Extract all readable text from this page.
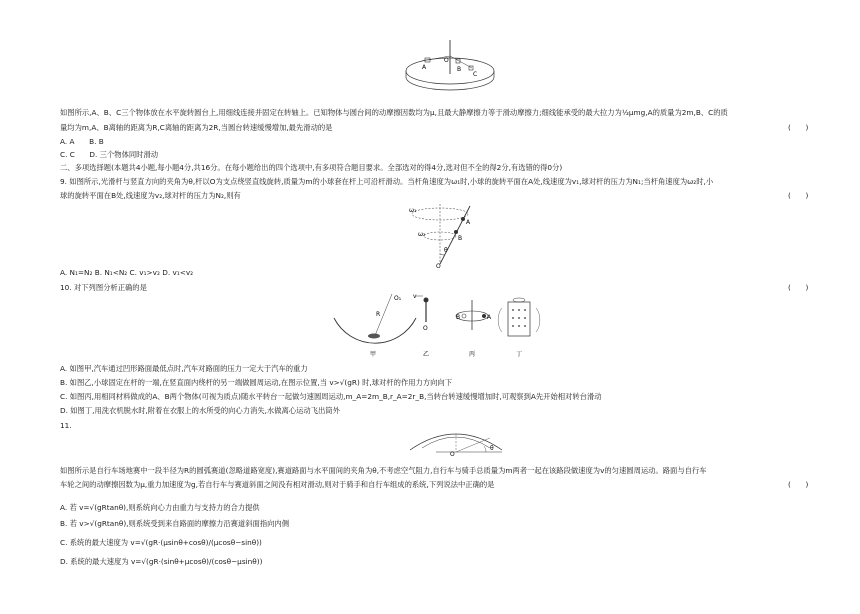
A
O
B
C
如图所示,A、B、C三个物体放在水平旋转圆台上,用细线连接并固定在转轴上。已知物体与圆台间的动摩擦因数均为μ,且最大静摩擦力等于滑动摩擦力;细线能承受的最大拉力为½μmg,A的质量为2m,B、C的质
量均为m,A、B离轴的距离为R,C离轴的距离为2R,当圆台转速缓慢增加,最先滑动的是	(　　)
A. A　　B. B
C. C　　D. 三个物体同时滑动
二、多项选择题(本题共4小题,每小题4分,共16分。在每小题给出的四个选项中,有多项符合题目要求。全部选对的得4分,选对但不全的得2分,有选错的得0分)
9. 如图所示,光滑杆与竖直方向的夹角为θ,杆以O为支点绕竖直线旋转,质量为m的小球套在杆上可沿杆滑动。当杆角速度为ω₁时,小球的旋转平面在A处,线速度为v₁,球对杆的压力为N₁;当杆角速度为ω₂时,小
球的旋转平面在B处,线速度为v₂,球对杆的压力为N₂,则有	(　　)
ω₁
ω₂
A
B
θ
O
A. N₁=N₂ B. N₁<N₂ C. v₁>v₂ D. v₁<v₂
10. 对下列图分析正确的是	(　　)
R
O₁
甲
v
O
乙
B	A
丙	丁
A. 如图甲,汽车通过凹形路面最低点时,汽车对路面的压力一定大于汽车的重力
B. 如图乙,小球固定在杆的一端,在竖直面内绕杆的另一端做圆周运动,在图示位置,当 v>√(gR) 时,球对杆的作用力方向向下
C. 如图丙,用相同材料做成的A、B两个物体(可视为质点)随水平转台一起做匀速圆周运动,m_A=2m_B,r_A=2r_B,当转台转速缓慢增加时,可观察到A先开始相对转台滑动
D. 如图丁,用洗衣机脱水时,附着在衣服上的水所受的向心力消失,水做离心运动飞出筒外
11.
O
θ
如图所示是自行车场地赛中一段半径为R的圆弧赛道(忽略道路宽度),赛道路面与水平面间的夹角为θ,不考虑空气阻力,自行车与骑手总质量为m两者一起在该路段做速度为v的匀速圆周运动。路面与自行车
车轮之间的动摩擦因数为μ,重力加速度为g,若自行车与赛道斜面之间没有相对滑动,则对于骑手和自行车组成的系统,下列说法中正确的是	(　　)
A. 若 v=√(gRtanθ),则系统向心力由重力与支持力的合力提供
B. 若 v>√(gRtanθ),则系统受到来自路面的摩擦力沿赛道斜面指向内侧
C. 系统的最大速度为 v=√(gR·(μsinθ+cosθ)/(μcosθ−sinθ))
D. 系统的最大速度为 v=√(gR·(sinθ+μcosθ)/(cosθ−μsinθ))
